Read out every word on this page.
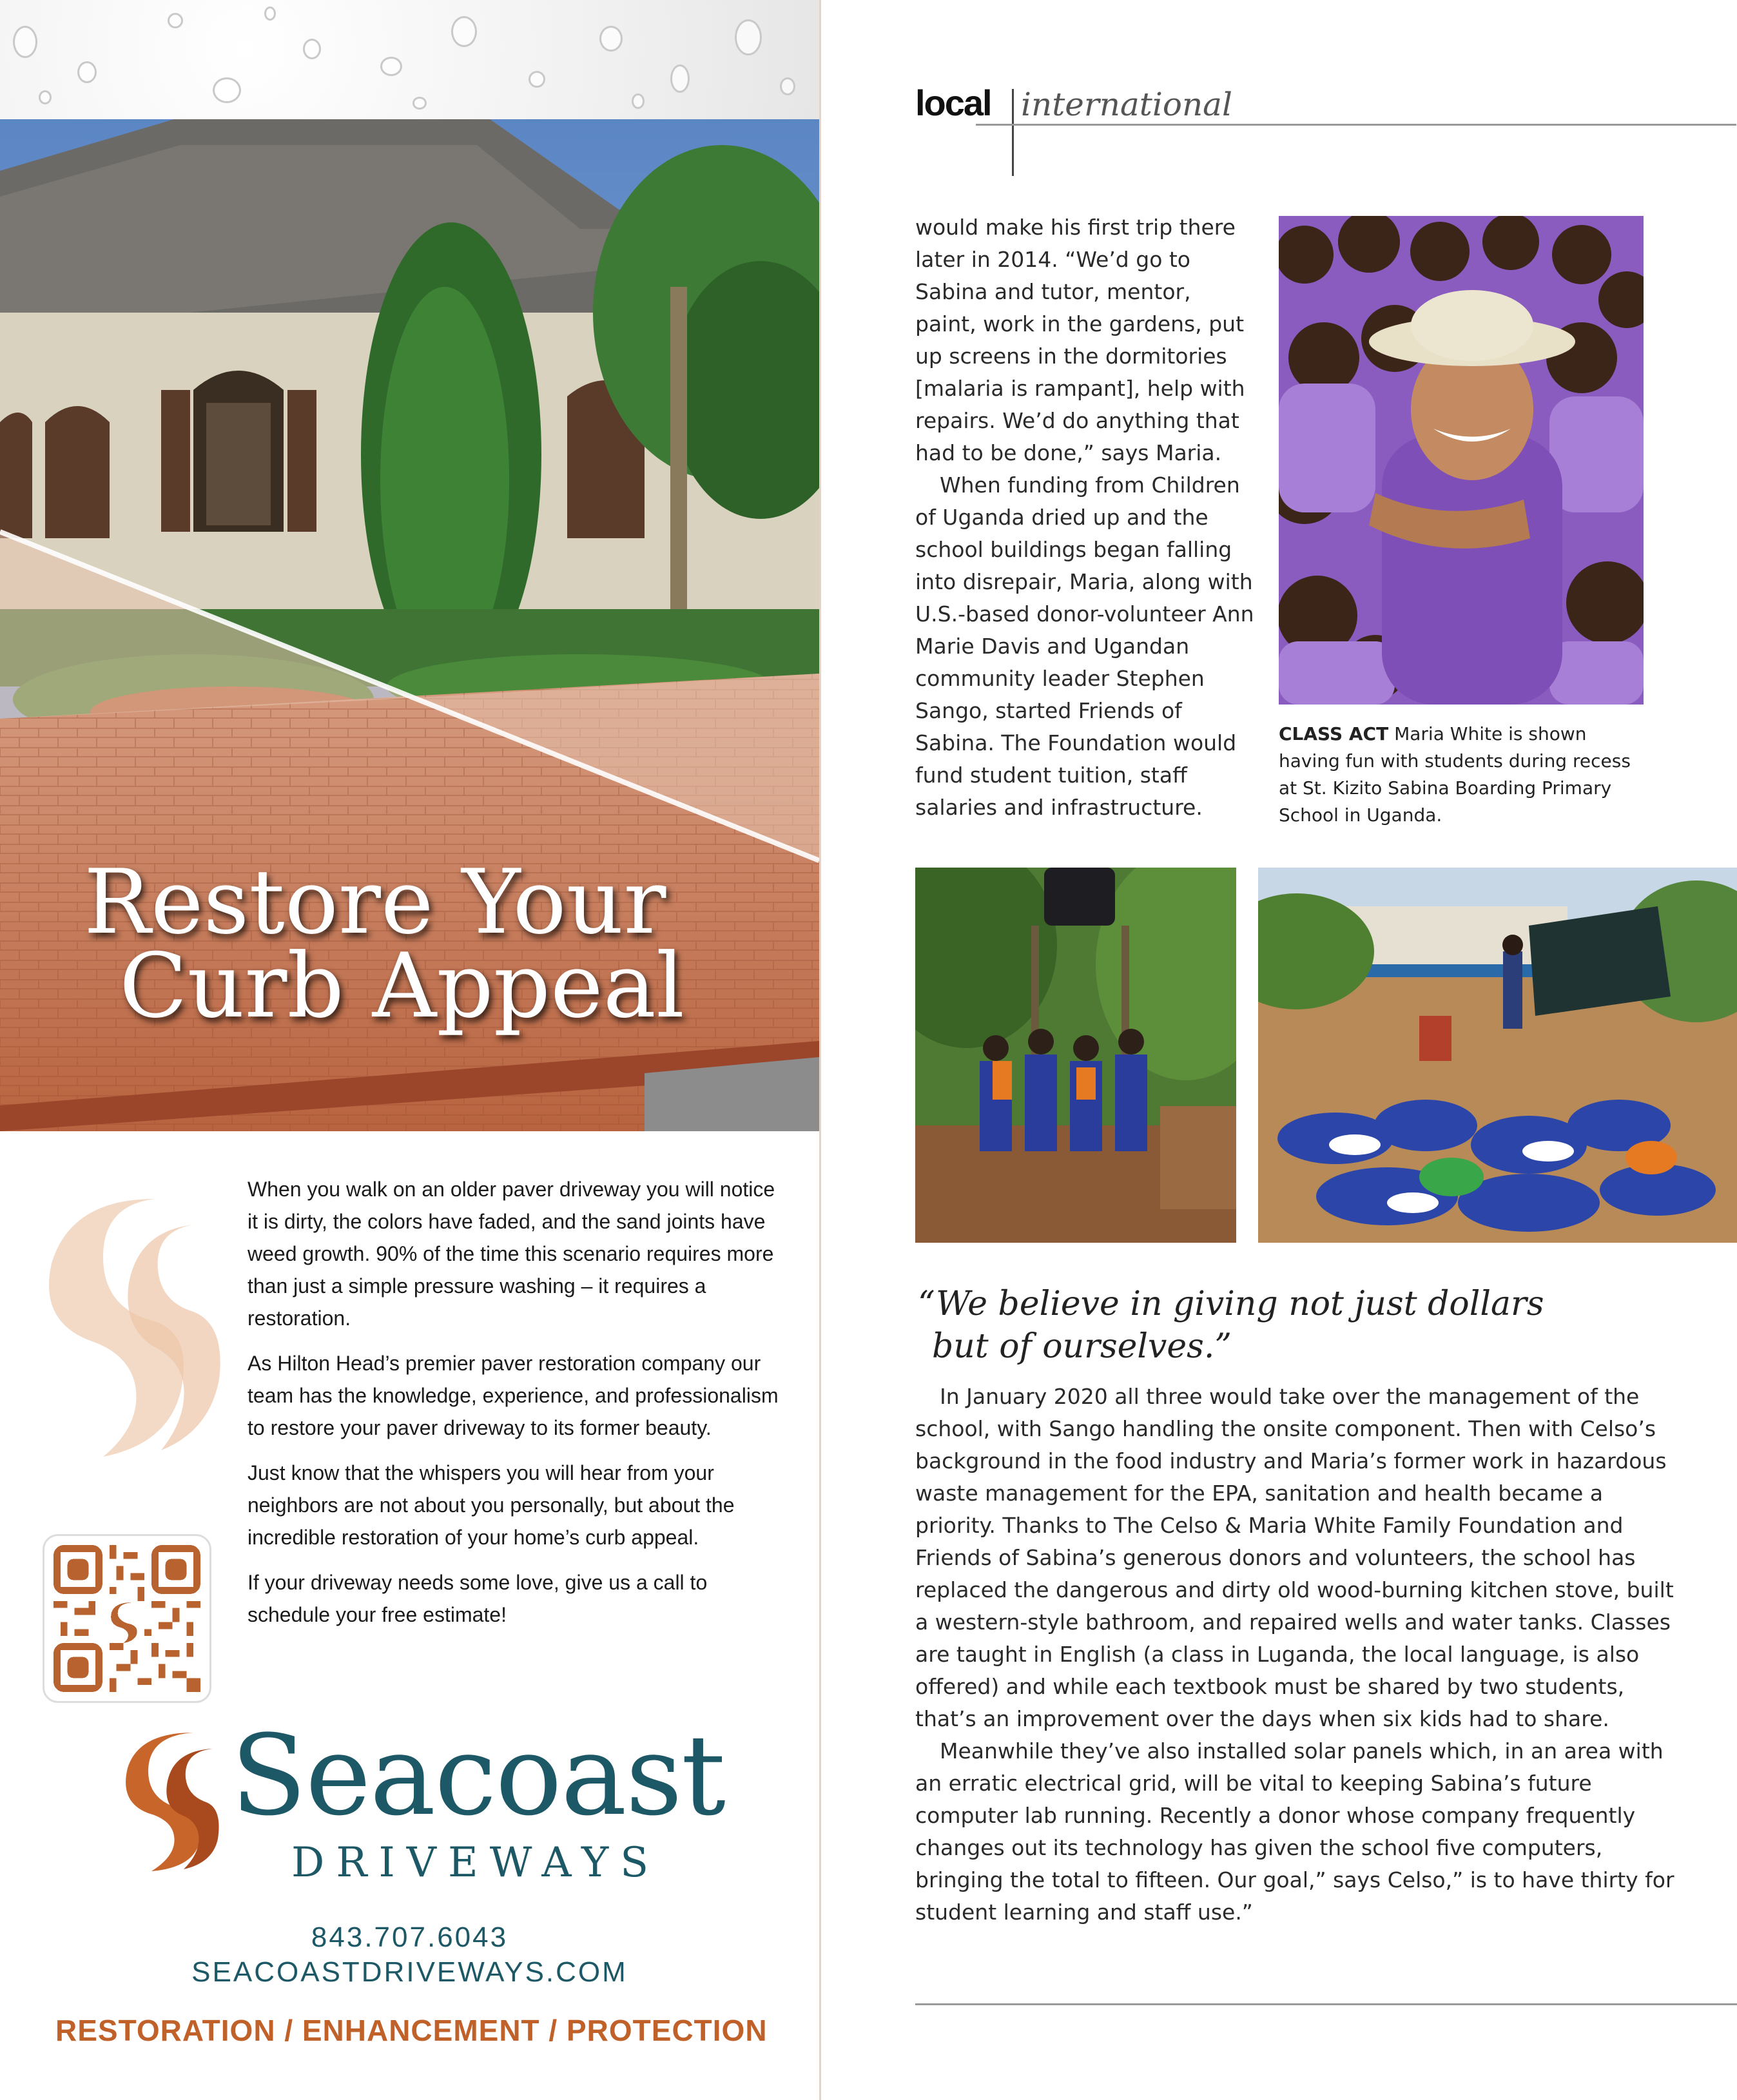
Restore Your
Curb Appeal

When you walk on an older paver driveway you will notice it is dirty, the colors have faded, and the sand joints have weed growth. 90% of the time this scenario requires more than just a simple pressure washing – it requires a restoration.

As Hilton Head’s premier paver restoration company our team has the knowledge, experience, and professionalism to restore your paver driveway to its former beauty.

Just know that the whispers you will hear from your neighbors are not about you personally, but about the incredible restoration of your home’s curb appeal.

If your driveway needs some love, give us a call to schedule your free estimate!

Seacoast
DRIVEWAYS
843.707.6043
SEACOASTDRIVEWAYS.COM
RESTORATION / ENHANCEMENT / PROTECTION
local international

would make his first trip there later in 2014. “We’d go to Sabina and tutor, mentor, paint, work in the gardens, put up screens in the dormitories [malaria is rampant], help with repairs. We’d do anything that had to be done,” says Maria.

When funding from Children of Uganda dried up and the school buildings began falling into disrepair, Maria, along with U.S.-based donor-volunteer Ann Marie Davis and Ugandan community leader Stephen Sango, started Friends of Sabina. The Foundation would fund student tuition, staff salaries and infrastructure.

CLASS ACT Maria White is shown having fun with students during recess at St. Kizito Sabina Boarding Primary School in Uganda.
“We believe in giving not just dollars
but of ourselves.”

In January 2020 all three would take over the management of the school, with Sango handling the onsite component. Then with Celso’s background in the food industry and Maria’s former work in hazardous waste management for the EPA, sanitation and health became a priority. Thanks to The Celso & Maria White Family Foundation and Friends of Sabina’s generous donors and volunteers, the school has replaced the dangerous and dirty old wood-burning kitchen stove, built a western-style bathroom, and repaired wells and water tanks. Classes are taught in English (a class in Luganda, the local language, is also offered) and while each textbook must be shared by two students, that’s an improvement over the days when six kids had to share.

Meanwhile they’ve also installed solar panels which, in an area with an erratic electrical grid, will be vital to keeping Sabina’s future computer lab running. Recently a donor whose company frequently changes out its technology has given the school five computers, bringing the total to fifteen. Our goal,” says Celso,” is to have thirty for student learning and staff use.”
